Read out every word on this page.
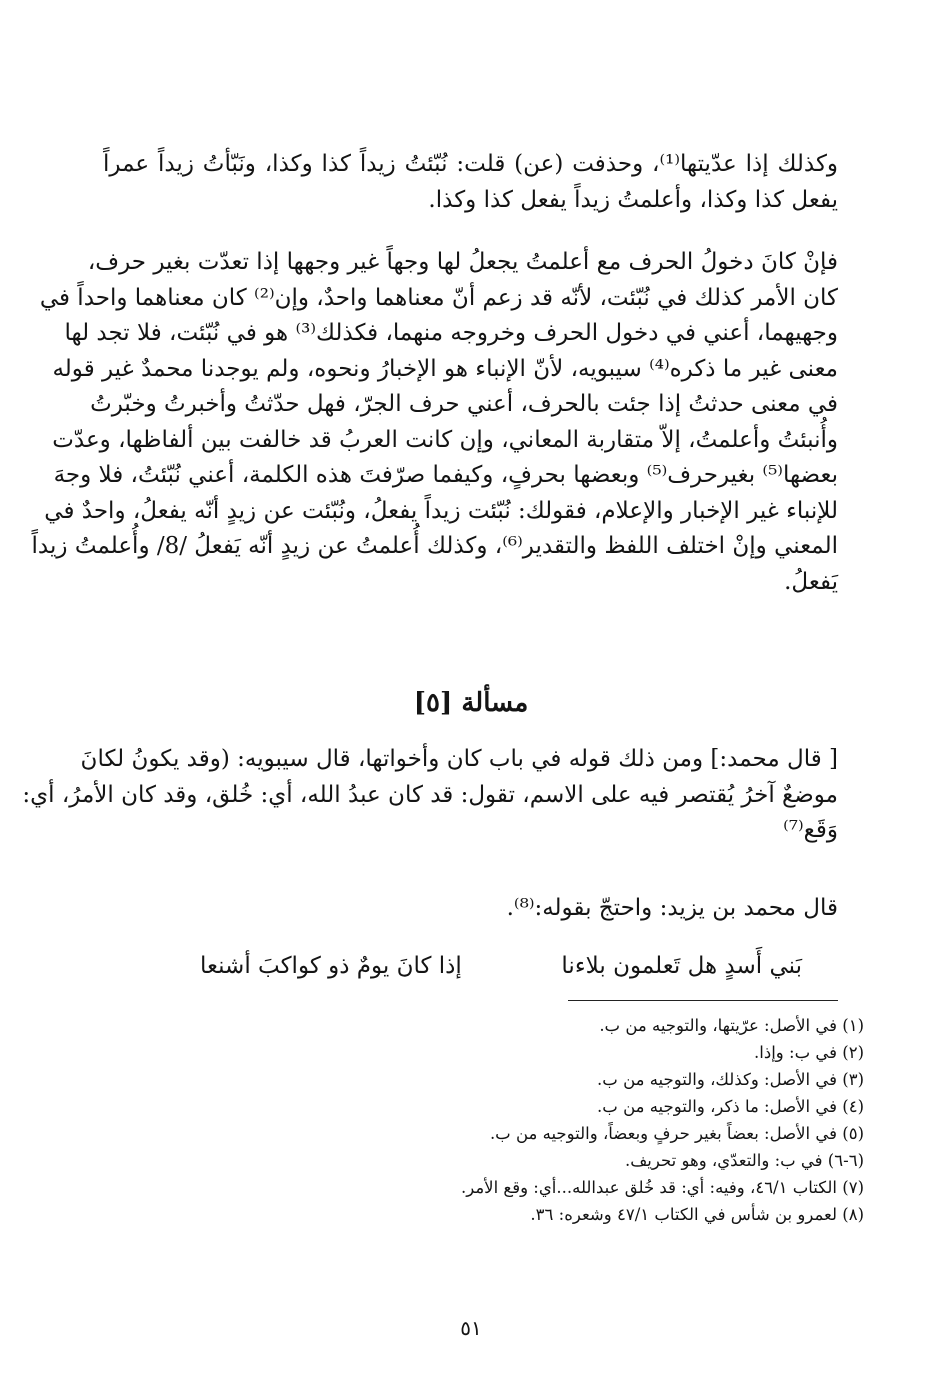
وكذلك إذا عدّيتها⁽¹⁾، وحذفت (عن) قلت: نُبّئتُ زيداً كذا وكذا، ونَبّأتُ زيداً عمراً
يفعل كذا وكذا، وأعلمتُ زيداً يفعل كذا وكذا.
فإنْ كانَ دخولُ الحرف مع أعلمتُ يجعلُ لها وجهاً غير وجهها إذا تعدّت بغير حرف،
كان الأمر كذلك في نُبّئت، لأنّه قد زعم أنّ معناهما واحدٌ، وإن⁽²⁾ كان معناهما واحداً في
وجهيهما، أعني في دخول الحرف وخروجه منهما، فكذلك⁽³⁾ هو في نُبّئت، فلا تجد لها
معنى غير ما ذكره⁽⁴⁾ سيبويه، لأنّ الإنباء هو الإخبارُ ونحوه، ولم يوجدنا محمدٌ غير قوله
في معنى حدثتُ إذا جئت بالحرف، أعني حرف الجرّ، فهل حدّثتُ وأخبرتُ وخبّرتُ
وأُنبئتُ وأعلمتُ، إلاّ متقاربة المعاني، وإن كانت العربُ قد خالفت بين ألفاظها، وعدّت
بعضها⁽⁵⁾ بغيرحرف⁽⁵⁾ وبعضها بحرفٍ، وكيفما صرّفتَ هذه الكلمة، أعني نُبّئتُ، فلا وجهَ
للإنباء غير الإخبار والإعلام، فقولك: نُبّئت زيداً يفعلُ، ونُبّئت عن زيدٍ أنّه يفعلُ، واحدٌ في
المعني وإنْ اختلف اللفظ والتقدير⁽⁶⁾، وكذلك أُعلمتُ عن زيدٍ أنّه يَفعلُ /8/ وأُعلمتُ زيداً
يَفعلُ.
مسألة [٥]
[ قال محمد:] ومن ذلك قوله في باب كان وأخواتها، قال سيبويه: (وقد يكونُ لكانَ
موضعٌ آخرُ يُقتصر فيه على الاسم، تقول: قد كان عبدُ الله، أي: خُلق، وقد كان الأمرُ، أي:
وَقَع⁽⁷⁾
قال محمد بن يزيد: واحتجّ بقوله:⁽⁸⁾.
بَني أَسدٍ هل تَعلمون بلاءنا
إذا كانَ يومٌ ذو كواكبَ أشنعا
(١) في الأصل: عرّيتها، والتوجيه من ب.
(٢) في ب: وإذا.
(٣) في الأصل: وكذلك، والتوجيه من ب.
(٤) في الأصل: ما ذكر، والتوجيه من ب.
(٥) في الأصل: بعضاً بغير حرفٍ وبعضاً، والتوجيه من ب.
(٦-٦) في ب: والتعدّي، وهو تحريف.
(٧) الكتاب ٤٦/١، وفيه: أي: قد خُلق عبدالله...أي: وقع الأمر.
(٨) لعمرو بن شأس في الكتاب ٤٧/١ وشعره: ٣٦.
٥١
